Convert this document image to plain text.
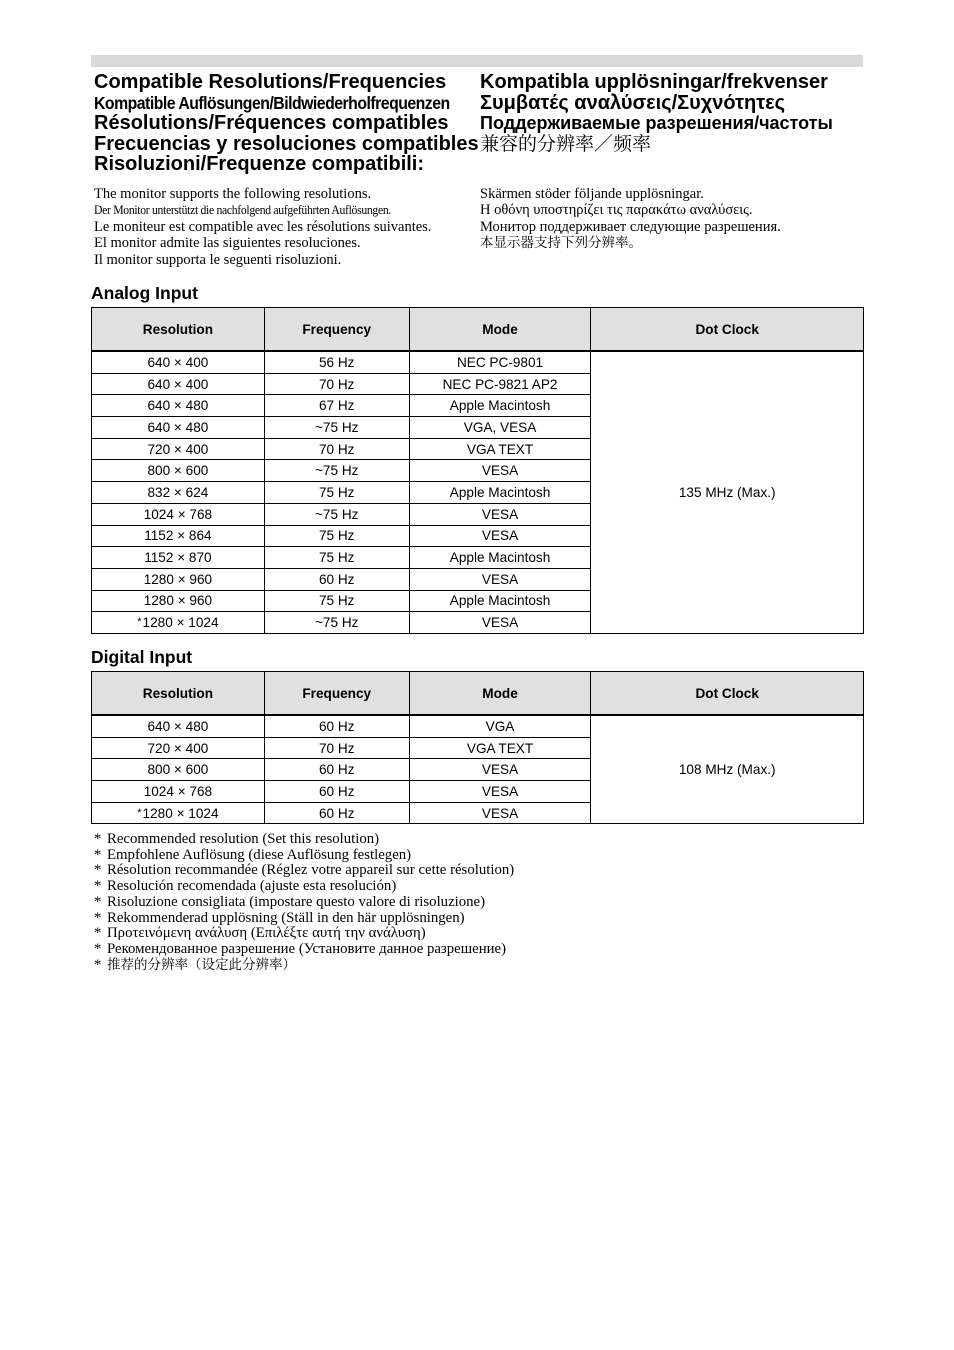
Compatible Resolutions/Frequencies
Kompatible Auflösungen/Bildwiederholfrequenzen
Résolutions/Fréquences compatibles
Frecuencias y resoluciones compatibles
Risoluzioni/Frequenze compatibili:
Kompatibla upplösningar/frekvenser
Συμβατές αναλύσεις/Συχνότητες
Поддерживаемые разрешения/частоты
兼容的分辨率／频率
The monitor supports the following resolutions.
Der Monitor unterstützt die nachfolgend aufgeführten Auflösungen.
Le moniteur est compatible avec les résolutions suivantes.
El monitor admite las siguientes resoluciones.
Il monitor supporta le seguenti risoluzioni.
Skärmen stöder följande upplösningar.
Η οθόνη υποστηρίζει τις παρακάτω αναλύσεις.
Монитор поддерживает следующие разрешения.
本显示器支持下列分辨率。
Analog Input
Resolution	Frequency	Mode	Dot Clock
640 × 400	56 Hz	NEC PC-9801	135 MHz (Max.)
640 × 400	70 Hz	NEC PC-9821 AP2	
640 × 480	67 Hz	Apple Macintosh	
640 × 480	~75 Hz	VGA, VESA	
720 × 400	70 Hz	VGA TEXT	
800 × 600	~75 Hz	VESA	
832 × 624	75 Hz	Apple Macintosh	
1024 × 768	~75 Hz	VESA	
1152 × 864	75 Hz	VESA	
1152 × 870	75 Hz	Apple Macintosh	
1280 × 960	60 Hz	VESA	
1280 × 960	75 Hz	Apple Macintosh	
*1280 × 1024	~75 Hz	VESA	
Digital Input
Resolution	Frequency	Mode	Dot Clock
640 × 480	60 Hz	VGA	108 MHz (Max.)
720 × 400	70 Hz	VGA TEXT	
800 × 600	60 Hz	VESA	
1024 × 768	60 Hz	VESA	
*1280 × 1024	60 Hz	VESA	
* Recommended resolution (Set this resolution)
* Empfohlene Auflösung (diese Auflösung festlegen)
* Résolution recommandée (Réglez votre appareil sur cette résolution)
* Resolución recomendada (ajuste esta resolución)
* Risoluzione consigliata (impostare questo valore di risoluzione)
* Rekommenderad upplösning (Ställ in den här upplösningen)
* Προτεινόμενη ανάλυση (Επιλέξτε αυτή την ανάλυση)
* Рекомендованное разрешение (Установите данное разрешение)
* 推荐的分辨率（设定此分辨率）
